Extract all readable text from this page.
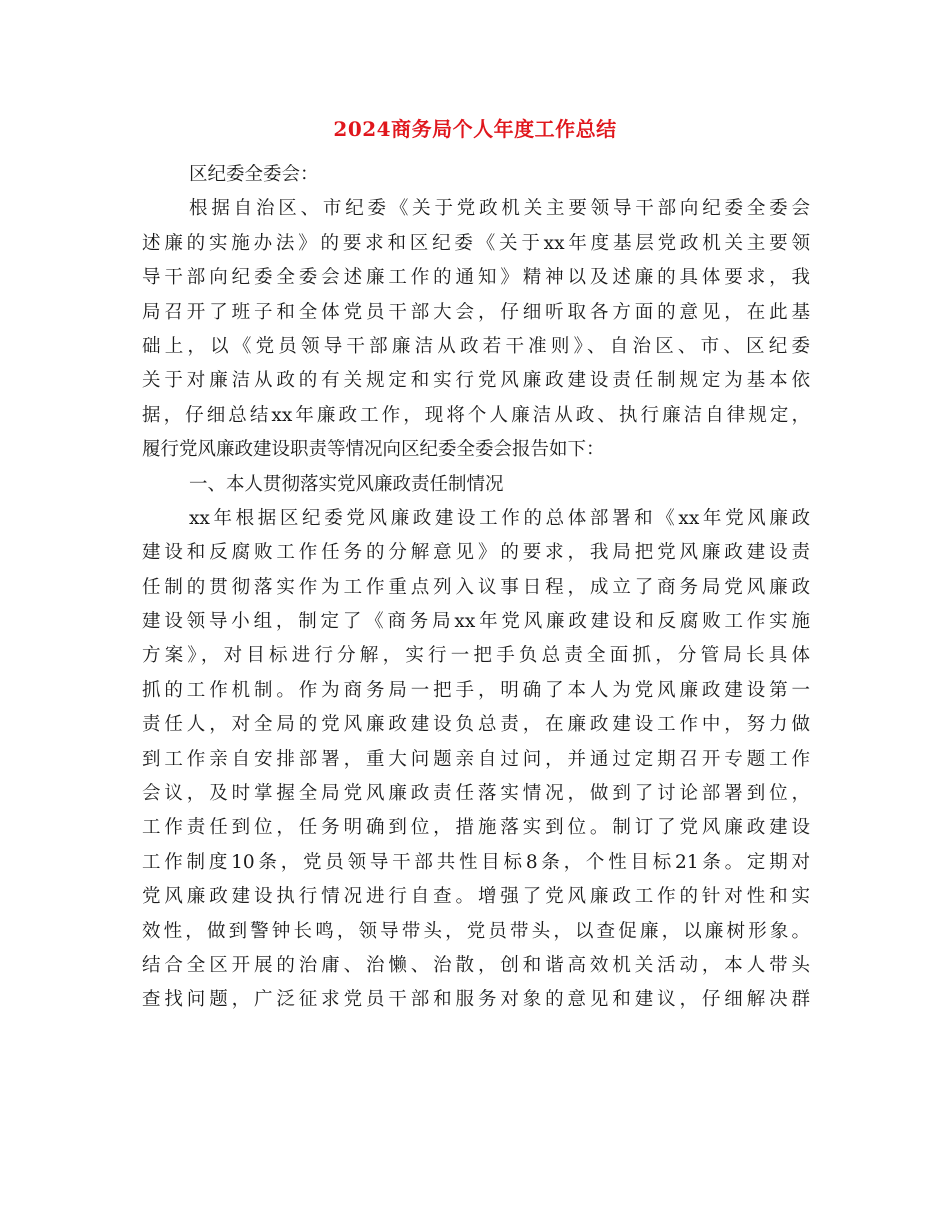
2024商务局个人年度工作总结
区纪委全委会：
根据自治区、市纪委《关于党政机关主要领导干部向纪委全委会
述廉的实施办法》的要求和区纪委《关于xx年度基层党政机关主要领
导干部向纪委全委会述廉工作的通知》精神以及述廉的具体要求，我
局召开了班子和全体党员干部大会，仔细听取各方面的意见，在此基
础上，以《党员领导干部廉洁从政若干准则》、自治区、市、区纪委
关于对廉洁从政的有关规定和实行党风廉政建设责任制规定为基本依
据，仔细总结xx年廉政工作，现将个人廉洁从政、执行廉洁自律规定，
履行党风廉政建设职责等情况向区纪委全委会报告如下：
一、本人贯彻落实党风廉政责任制情况
xx年根据区纪委党风廉政建设工作的总体部署和《xx年党风廉政
建设和反腐败工作任务的分解意见》的要求，我局把党风廉政建设责
任制的贯彻落实作为工作重点列入议事日程，成立了商务局党风廉政
建设领导小组，制定了《商务局xx年党风廉政建设和反腐败工作实施
方案》，对目标进行分解，实行一把手负总责全面抓，分管局长具体
抓的工作机制。作为商务局一把手，明确了本人为党风廉政建设第一
责任人，对全局的党风廉政建设负总责，在廉政建设工作中，努力做
到工作亲自安排部署，重大问题亲自过问，并通过定期召开专题工作
会议，及时掌握全局党风廉政责任落实情况，做到了讨论部署到位，
工作责任到位，任务明确到位，措施落实到位。制订了党风廉政建设
工作制度10条，党员领导干部共性目标8条，个性目标21条。定期对
党风廉政建设执行情况进行自查。增强了党风廉政工作的针对性和实
效性，做到警钟长鸣，领导带头，党员带头，以查促廉，以廉树形象。
结合全区开展的治庸、治懒、治散，创和谐高效机关活动，本人带头
查找问题，广泛征求党员干部和服务对象的意见和建议，仔细解决群
